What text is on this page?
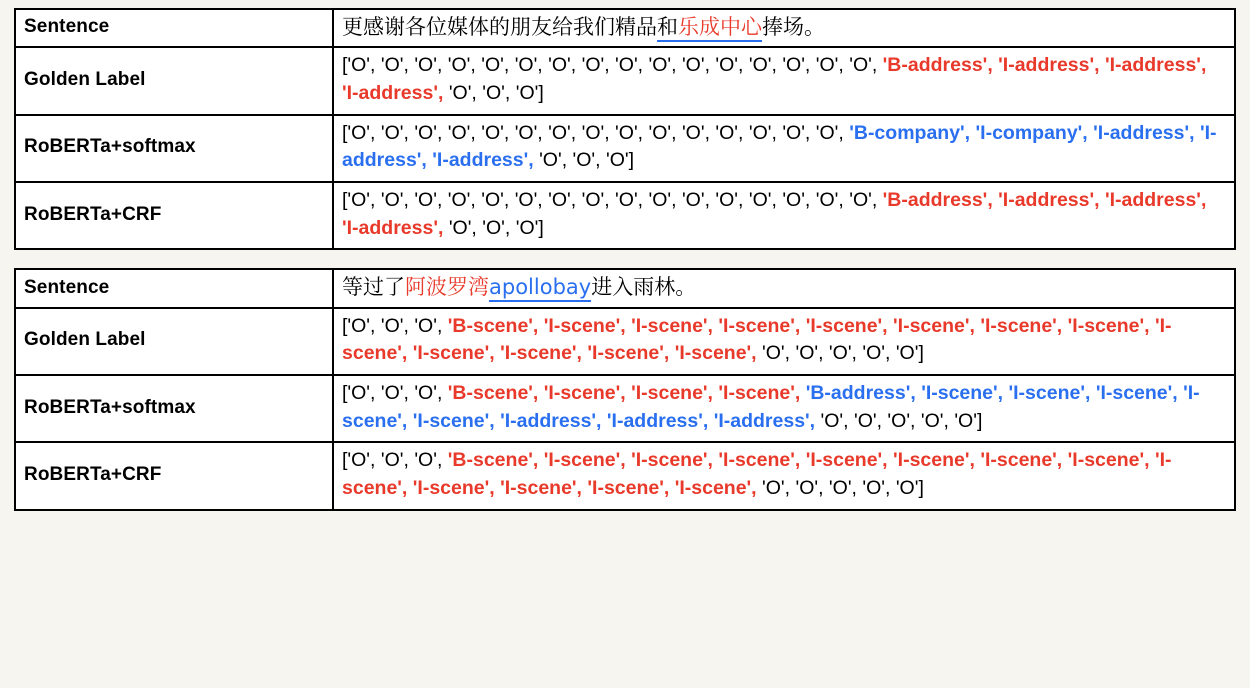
Sentence	更感谢各位媒体的朋友给我们精品和乐成中心捧场。

Golden Label	['O', 'O', 'O', 'O', 'O', 'O', 'O', 'O', 'O', 'O', 'O', 'O', 'O', 'O', 'O', 'O', 'B-address', 'I-address', 'I-address', 'I-address', 'O', 'O', 'O']

RoBERTa+softmax	['O', 'O', 'O', 'O', 'O', 'O', 'O', 'O', 'O', 'O', 'O', 'O', 'O', 'O', 'O', 'B-company', 'I-company', 'I-address', 'I-address', 'I-address', 'O', 'O', 'O']

RoBERTa+CRF	['O', 'O', 'O', 'O', 'O', 'O', 'O', 'O', 'O', 'O', 'O', 'O', 'O', 'O', 'O', 'O', 'B-address', 'I-address', 'I-address', 'I-address', 'O', 'O', 'O']
Sentence	等过了阿波罗湾apollobay进入雨林。

Golden Label	['O', 'O', 'O', 'B-scene', 'I-scene', 'I-scene', 'I-scene', 'I-scene', 'I-scene', 'I-scene', 'I-scene', 'I-scene', 'I-scene', 'I-scene', 'I-scene', 'I-scene', 'O', 'O', 'O', 'O', 'O']

RoBERTa+softmax	['O', 'O', 'O', 'B-scene', 'I-scene', 'I-scene', 'I-scene', 'B-address', 'I-scene', 'I-scene', 'I-scene', 'I-scene', 'I-scene', 'I-address', 'I-address', 'I-address', 'O', 'O', 'O', 'O', 'O']

RoBERTa+CRF	['O', 'O', 'O', 'B-scene', 'I-scene', 'I-scene', 'I-scene', 'I-scene', 'I-scene', 'I-scene', 'I-scene', 'I-scene', 'I-scene', 'I-scene', 'I-scene', 'I-scene', 'O', 'O', 'O', 'O', 'O']
